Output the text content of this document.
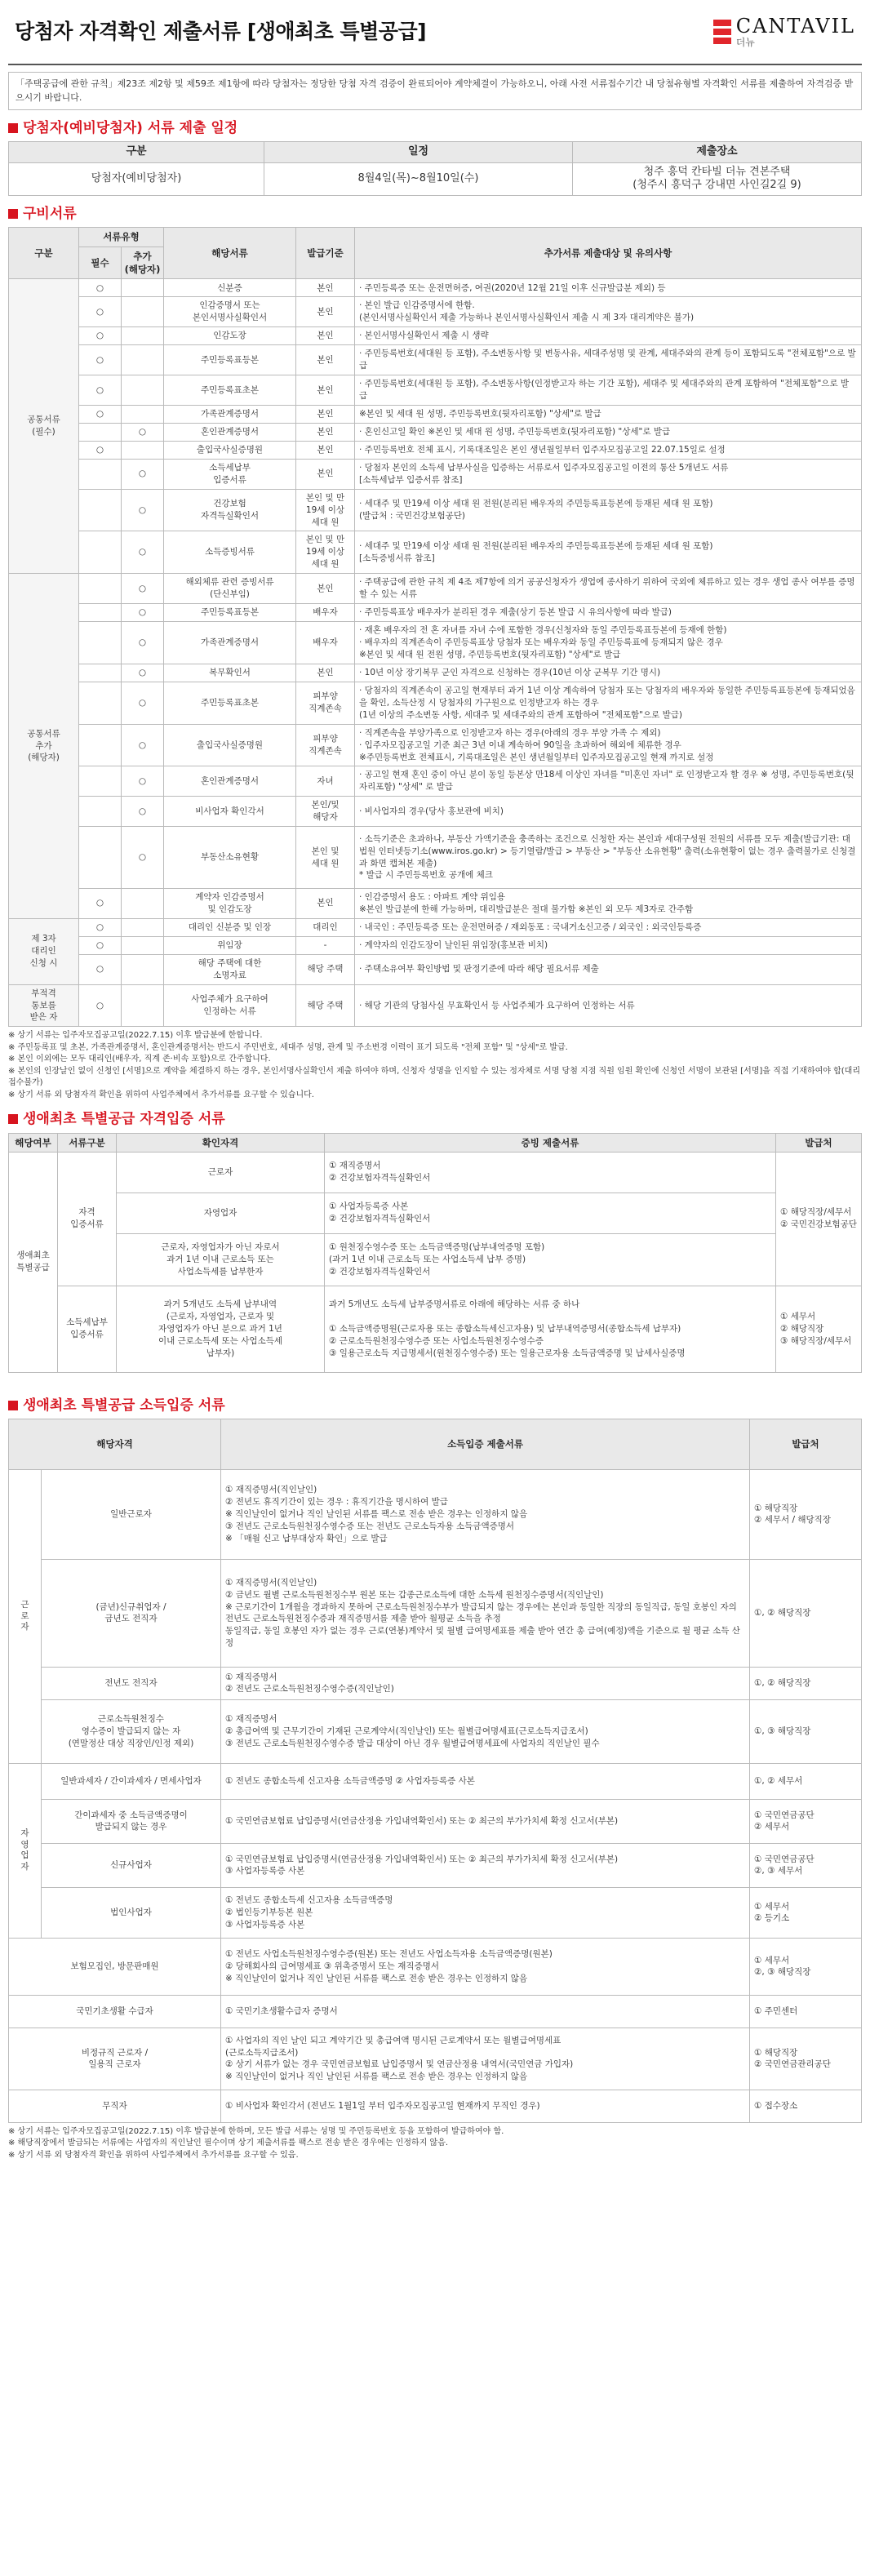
당첨자 자격확인 제출서류 [생애최초 특별공급]	CANTAVIL
더뉴
「주택공급에 관한 규칙」제23조 제2항 및 제59조 제1항에 따라 당첨자는 정당한 당첨 자격 검증이 완료되어야 계약체결이 가능하오니, 아래 사전 서류접수기간 내 당첨유형별 자격확인 서류를 제출하여 자격검증 받으시기 바랍니다.
당첨자(예비당첨자) 서류 제출 일정
구분	일정	제출장소
당첨자(예비당첨자)	8월4일(목)~8월10일(수)	청주 흥덕 칸타빌 더뉴 견본주택
(청주시 흥덕구 강내면 사인길2길 9)
구비서류
구분	서류유형		해당서류	발급기준	추가서류 제출대상 및 유의사항
	필수	추가
(해당자)			
공통서류
(필수)	○		신분증	본인	· 주민등록증 또는 운전면허증, 여권(2020년 12월 21일 이후 신규발급분 제외) 등
	○		인감증명서 또는
본인서명사실확인서	본인	· 본인 발급 인감증명서에 한함.
(본인서명사실확인서 제출 가능하나 본인서명사실확인서 제출 시 제 3자 대리계약은 불가)
	○		인감도장	본인	· 본인서명사실확인서 제출 시 생략
	○		주민등록표등본	본인	· 주민등록번호(세대원 등 포함), 주소변동사항 및 변동사유, 세대주성명 및 관계, 세대주와의 관계 등이 포함되도록 "전체포함"으로 발급
	○		주민등록표초본	본인	· 주민등록번호(세대원 등 포함), 주소변동사항(인정받고자 하는 기간 포함), 세대주 및 세대주와의 관계 포함하여 "전체포함"으로 발급
	○		가족관계증명서	본인	※본인 및 세대 원 성명, 주민등록번호(뒷자리포함) "상세"로 발급
		○	혼인관계증명서	본인	· 혼인신고일 확인 ※본인 및 세대 원 성명, 주민등록번호(뒷자리포함) "상세"로 발급
	○		출입국사실증명원	본인	· 주민등록번호 전체 표시, 기록대조일은 본인 생년월일부터 입주자모집공고일 22.07.15일로 설정
		○	소득세납부
입증서류	본인	· 당첨자 본인의 소득세 납부사실을 입증하는 서류로서 입주자모집공고일 이전의 통산 5개년도 서류
[소득세납부 입증서류 참조]
		○	건강보험
자격득실확인서	본인 및 만
19세 이상
세대 원	· 세대주 및 만19세 이상 세대 원 전원(분리된 배우자의 주민등록표등본에 등재된 세대 원 포함)
(발급처 : 국민건강보험공단)
		○	소득증빙서류	본인 및 만
19세 이상
세대 원	· 세대주 및 만19세 이상 세대 원 전원(분리된 배우자의 주민등록표등본에 등재된 세대 원 포함)
[소득증빙서류 참조]
공통서류
추가
(해당자)		○	해외체류 관련 증빙서류
(단신부임)	본인	· 주택공급에 관한 규칙 제 4조 제7항에 의거 공공신청자가 생업에 종사하기 위하여 국외에 체류하고 있는 경우 생업 종사 여부를 증명할 수 있는 서류
		○	주민등록표등본	배우자	· 주민등록표상 배우자가 분리된 경우 제출(상기 등본 발급 시 유의사항에 따라 발급)
		○	가족관계증명서	배우자	· 재혼 배우자의 전 혼 자녀를 자녀 수에 포함한 경우(신청자와 동일 주민등록표등본에 등재에 한함)
· 배우자의 직계존속이 주민등록표상 당첨자 또는 배우자와 동일 주민등록표에 등재되지 않은 경우
※본인 및 세대 원 전원 성명, 주민등록번호(뒷자리포함) "상세"로 발급
		○	복무확인서	본인	· 10년 이상 장기복무 군인 자격으로 신청하는 경우(10년 이상 군복무 기간 명시)
		○	주민등록표초본	피부양
직계존속	· 당첨자의 직계존속이 공고일 현재부터 과거 1년 이상 계속하여 당첨자 또는 당첨자의 배우자와 동일한 주민등록표등본에 등재되었음을 확인, 소득산정 시 당첨자의 가구원으로 인정받고자 하는 경우
(1년 이상의 주소변동 사항, 세대주 및 세대주와의 관계 포함하여 "전체포함"으로 발급)
		○	출입국사실증명원	피부양
직계존속	· 직계존속을 부양가족으로 인정받고자 하는 경우(아래의 경우 부양 가족 수 제외)
· 입주자모집공고일 기준 최근 3년 이내 계속하여 90일을 초과하여 해외에 체류한 경우
※주민등록번호 전체표시, 기록대조일은 본인 생년월일부터 입주자모집공고일 현재 까지로 설정
		○	혼인관계증명서	자녀	· 공고일 현재 혼인 중이 아닌 분이 동일 등본상 만18세 이상인 자녀를 "미혼인 자녀" 로 인정받고자 할 경우 ※ 성명, 주민등록번호(뒷자리포함) "상세" 로 발급
		○	비사업자 확인각서	본인/및
해당자	· 비사업자의 경우(당사 홍보관에 비치)
		○	부동산소유현황	본인 및
세대 원	· 소득기준은 초과하나, 부동산 가액기준을 충족하는 조건으로 신청한 자는 본인과 세대구성원 전원의 서류를 모두 제출(발급기관: 대법원 인터넷등기소(www.iros.go.kr) > 등기열람/발급 > 부동산 > "부동산 소유현황" 출력(소유현황이 없는 경우 출력불가로 신청결과 화면 캡쳐본 제출)
* 발급 시 주민등록번호 공개에 체크
	○		계약자 인감증명서
및 인감도장	본인	· 인감증명서 용도 : 아파트 계약 위임용
※본인 발급분에 한해 가능하며, 대리발급분은 절대 불가함 ※본인 외 모두 제3자로 간주함
제 3자
대리인
신청 시	○		대리인 신분증 및 인장	대리인	· 내국인 : 주민등록증 또는 운전면허증 / 재외동포 : 국내거소신고증 / 외국인 : 외국인등록증
	○		위임장	-	· 계약자의 인감도장이 날인된 위임장(홍보관 비치)
	○		해당 주택에 대한
소명자료	해당 주택	· 주택소유여부 확인방법 및 판정기준에 따라 해당 필요서류 제출
부적격
통보를
받은 자	○		사업주체가 요구하여
인정하는 서류	해당 주택	· 해당 기관의 당첨사실 무효확인서 등 사업주체가 요구하여 인정하는 서류
※ 상기 서류는 입주자모집공고일(2022.7.15) 이후 발급분에 한합니다.
※ 주민등록표 및 초본, 가족관계증명서, 혼인관계증명서는 반드시 주민번호, 세대주 성명, 관계 및 주소변경 이력이 표기 되도록 "전체 포함" 및 "상세"로 발급.
※ 본인 이외에는 모두 대리인(배우자, 직계 존·비속 포함)으로 간주합니다.
※ 본인의 인장날인 없이 신청인 [서명]으로 계약을 체결하지 하는 경우, 본인서명사실확인서 제출 하여야 하며, 신청자 성명을 인지할 수 있는 정자체로 서명 당첨 지점 직원 임원 확인에 신청인 서명이 보관된 [서명]을 직접 기재하여야 합(대리접수불가)
※ 상기 서류 외 당첨자격 확인을 위하여 사업주체에서 추가서류를 요구할 수 있습니다.
생애최초 특별공급 자격입증 서류
해당여부	서류구분	확인자격	증빙 제출서류	발급처
생애최초
특별공급	자격
입증서류	근로자	① 재직증명서
② 건강보험자격득실확인서	① 해당직장/세무서
② 국민건강보험공단
		자영업자	① 사업자등록증 사본
② 건강보험자격득실확인서	
		근로자, 자영업자가 아닌 자로서
과거 1년 이내 근로소득 또는
사업소득세를 납부한자	① 원천징수영수증 또는 소득금액증명(납부내역증명 포함)
(과거 1년 이내 근로소득 또는 사업소득세 납부 증명)
② 건강보험자격득실확인서	
	소득세납부
입증서류	과거 5개년도 소득세 납부내역
(근로자, 자영업자, 근로자 및
자영업자가 아닌 분으로 과거 1년
이내 근로소득세 또는 사업소득세
납부자)	과거 5개년도 소득세 납부증명서류로 아래에 해당하는 서류 중 하나

① 소득금액증명원(근로자용 또는 종합소득세신고자용) 및 납부내역증명서(종합소득세 납부자)
② 근로소득원천징수영수증 또는 사업소득원천징수영수증
③ 일용근로소득 지급명세서(원천징수영수증) 또는 일용근로자용 소득금액증명 및 납세사실증명	① 세무서
② 해당직장
③ 해당직장/세무서
생애최초 특별공급 소득입증 서류
해당자격		소득입증 제출서류	발급처
근
로
자	일반근로자	① 재직증명서(직인날인)
② 전년도 휴직기간이 있는 경우 : 휴직기간을 명시하여 발급
※ 직인날인이 없거나 직인 날인된 서류를 팩스로 전송 받은 경우는 인정하지 않음
③ 전년도 근로소득원천징수영수증 또는 전년도 근로소득자용 소득금액증명서
※ 「매월 신고 납부대상자 확인」으로 발급	① 해당직장
② 세무서 / 해당직장
	(금년)신규취업자 /
금년도 전직자	① 재직증명서(직인날인)
② 금년도 월별 근로소득원천징수부 원본 또는 갑종근로소득에 대한 소득세 원천징수증명서(직인날인)
※ 근로기간이 1개월을 경과하지 못하여 근로소득원천징수부가 발급되지 않는 경우에는 본인과 동일한 직장의 동일직급, 동일 호봉인 자의 전년도 근로소득원천징수증과 재직증명서를 제출 받아 월평균 소득을 추정
동일직급, 동일 호봉인 자가 없는 경우 근로(연봉)계약서 및 월별 급여명세표를 제출 받아 연간 총 급여(예정)액을 기준으로 월 평균 소득 산정	①, ② 해당직장
	전년도 전직자	① 재직증명서
② 전년도 근로소득원천징수영수증(직인날인)	①, ② 해당직장
	근로소득원천징수
영수증이 발급되지 않는 자
(연말정산 대상 직장인/인정 제외)	① 재직증명서
② 총급여액 및 근무기간이 기재된 근로계약서(직인날인) 또는 월별급여명세표(근로소득지급조서)
③ 전년도 근로소득원천징수영수증 발급 대상이 아닌 경우 월별급여명세표에 사업자의 직인날인 필수	①, ③ 해당직장
자
영
업
자	일반과세자 / 간이과세자 / 면세사업자	① 전년도 종합소득세 신고자용 소득금액증명 ② 사업자등록증 사본	①, ② 세무서
	간이과세자 중 소득금액증명이
발급되지 않는 경우	① 국민연금보험료 납입증명서(연금산정용 가입내역확인서) 또는 ② 최근의 부가가치세 확정 신고서(부본)	① 국민연금공단
② 세무서
	신규사업자	① 국민연금보험료 납입증명서(연금산정용 가입내역확인서) 또는 ② 최근의 부가가치세 확정 신고서(부본)
③ 사업자등록증 사본	① 국민연금공단
②, ③ 세무서
	법인사업자	① 전년도 종합소득세 신고자용 소득금액증명
② 법인등기부등본 원본
③ 사업자등록증 사본	① 세무서
② 등기소
보험모집인, 방문판매원		① 전년도 사업소득원천징수영수증(원본) 또는 전년도 사업소득자용 소득금액증명(원본)
② 당해회사의 급여명세표 ③ 위촉증명서 또는 재직증명서
※ 직인날인이 없거나 직인 날인된 서류를 팩스로 전송 받은 경우는 인정하지 않음	① 세무서
②, ③ 해당직장
국민기초생활 수급자		① 국민기초생활수급자 증명서	① 주민센터
비정규직 근로자 /
일용직 근로자		① 사업자의 직인 날인 되고 계약기간 및 총급여액 명시된 근로계약서 또는 월별급여명세표
(근로소득지급조서)
② 상기 서류가 없는 경우 국민연금보험료 납입증명서 및 연금산정용 내역서(국민연금 가입자)
※ 직인날인이 없거나 직인 날인된 서류를 팩스로 전송 받은 경우는 인정하지 않음	① 해당직장
② 국민연금관리공단
무직자		① 비사업자 확인각서 (전년도 1월1일 부터 입주자모집공고일 현재까지 무직인 경우)	① 접수장소
※ 상기 서류는 입주자모집공고일(2022.7.15) 이후 발급분에 한하며, 모든 발급 서류는 성명 및 주민등록번호 등을 포함하여 발급하여야 함.
※ 해당직장에서 발급되는 서류에는 사업자의 직인날인 필수이며 상기 제출서류를 팩스로 전송 받은 경우에는 인정하지 않음.
※ 상기 서류 외 당첨자격 확인을 위하여 사업주체에서 추가서류를 요구할 수 있음.
